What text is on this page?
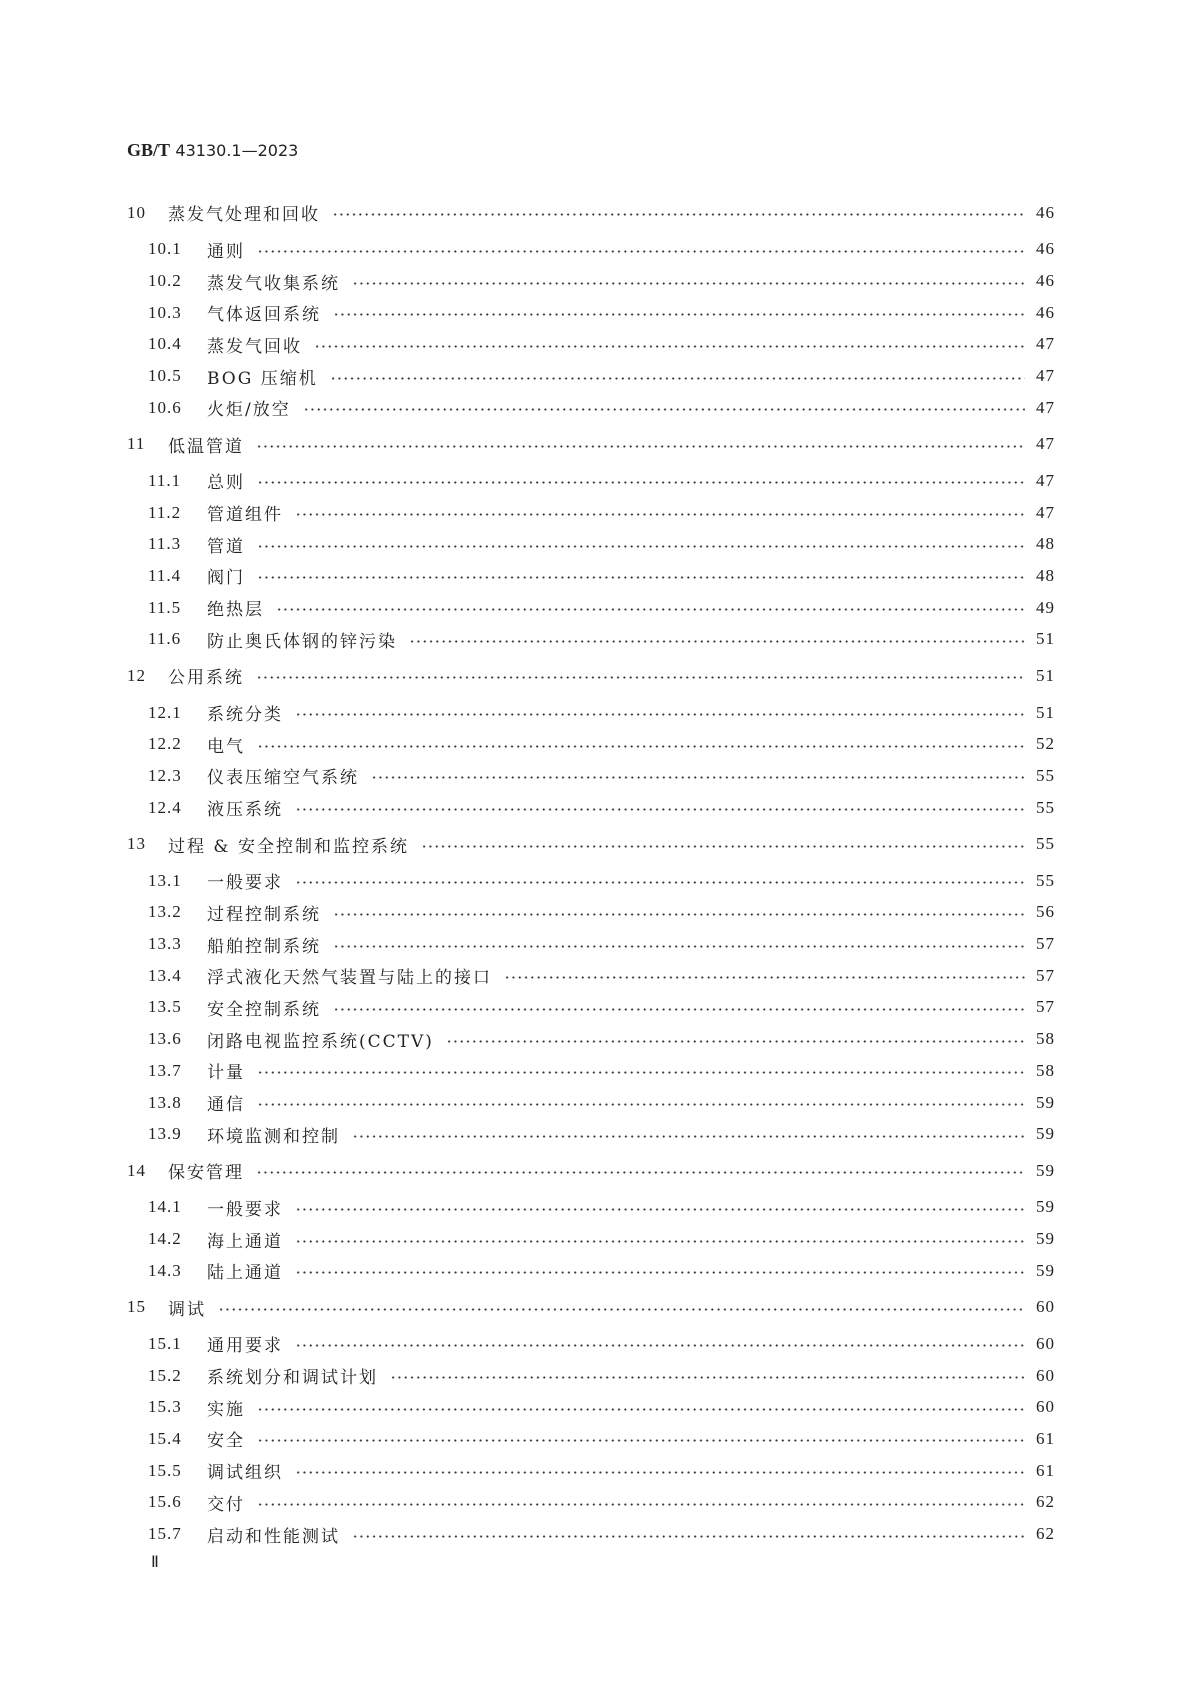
GB/T 43130.1—2023
10	蒸发气处理和回收	46
10.1	通则	46
10.2	蒸发气收集系统	46
10.3	气体返回系统	46
10.4	蒸发气回收	47
10.5	BOG 压缩机	47
10.6	火炬/放空	47
11	低温管道	47
11.1	总则	47
11.2	管道组件	47
11.3	管道	48
11.4	阀门	48
11.5	绝热层	49
11.6	防止奥氏体钢的锌污染	51
12	公用系统	51
12.1	系统分类	51
12.2	电气	52
12.3	仪表压缩空气系统	55
12.4	液压系统	55
13	过程 & 安全控制和监控系统	55
13.1	一般要求	55
13.2	过程控制系统	56
13.3	船舶控制系统	57
13.4	浮式液化天然气装置与陆上的接口	57
13.5	安全控制系统	57
13.6	闭路电视监控系统(CCTV)	58
13.7	计量	58
13.8	通信	59
13.9	环境监测和控制	59
14	保安管理	59
14.1	一般要求	59
14.2	海上通道	59
14.3	陆上通道	59
15	调试	60
15.1	通用要求	60
15.2	系统划分和调试计划	60
15.3	实施	60
15.4	安全	61
15.5	调试组织	61
15.6	交付	62
15.7	启动和性能测试	62
Ⅱ
